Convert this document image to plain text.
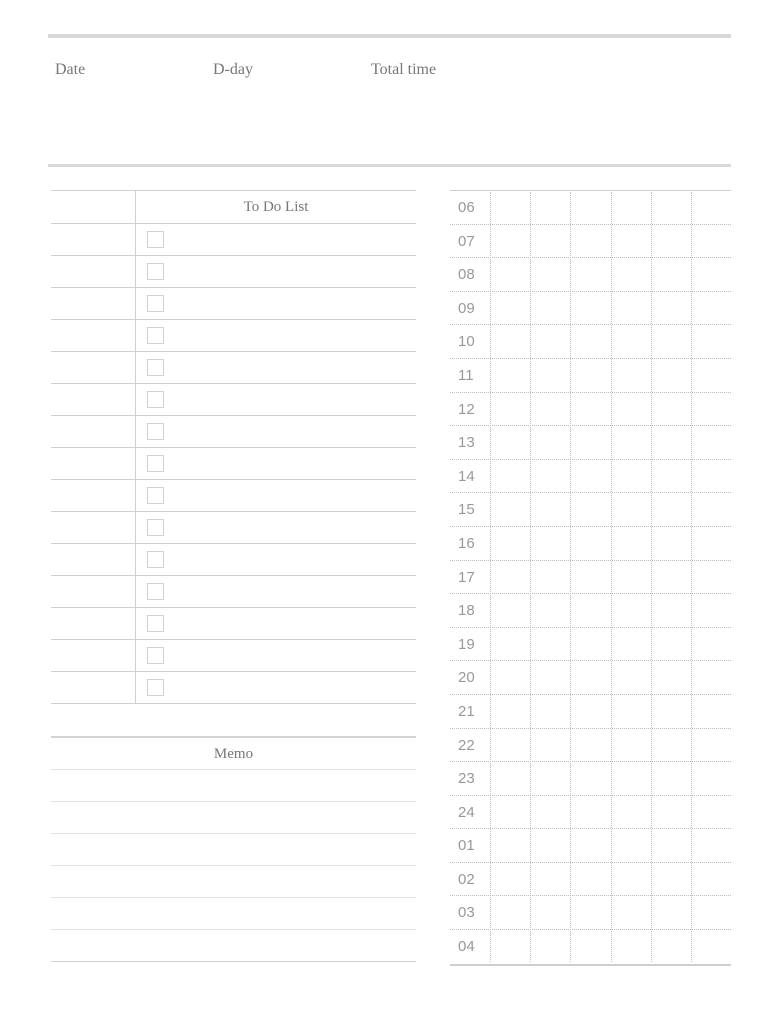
Date	D-day	Total time
To Do List
Memo
06
07
08
09
10
11
12
13
14
15
16
17
18
19
20
21
22
23
24
01
02
03
04
